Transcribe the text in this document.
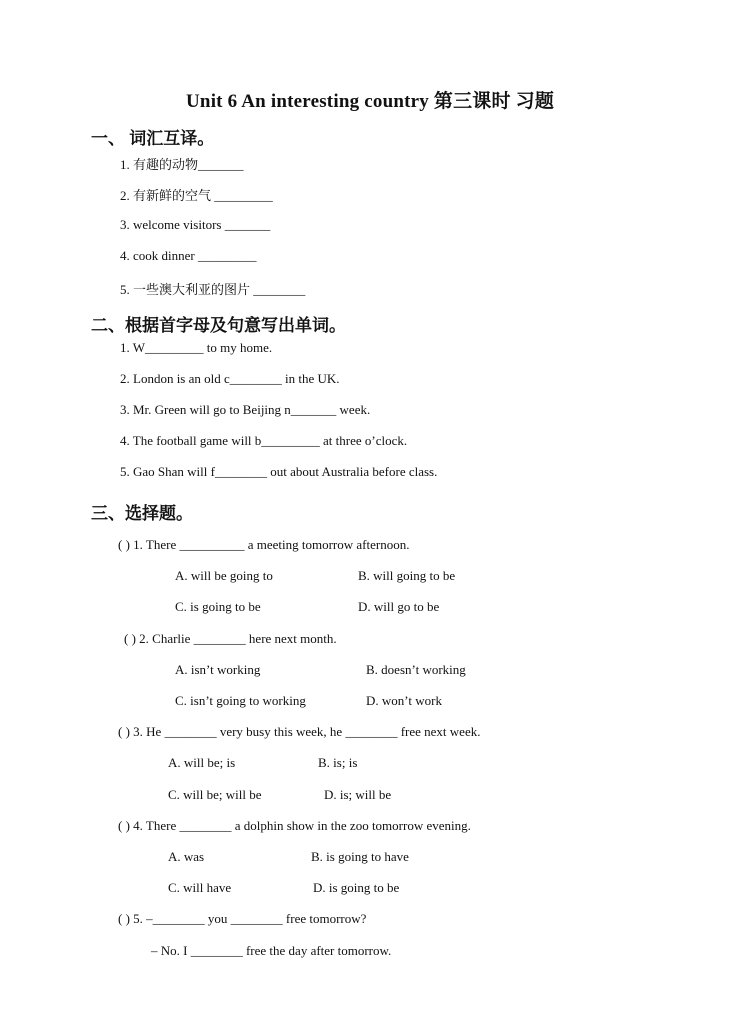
Unit 6 An interesting country 第三课时 习题
一、 词汇互译。
1. 有趣的动物_______
2. 有新鲜的空气 _________
3. welcome visitors _______
4. cook dinner _________
5. 一些澳大利亚的图片 ________
二、根据首字母及句意写出单词。
1. W_________ to my home.
2. London is an old c________ in the UK.
3. Mr. Green will go to Beijing n_______ week.
4. The football game will b_________ at three o’clock.
5. Gao Shan will f________ out about Australia before class.
三、选择题。
( ) 1. There __________ a meeting tomorrow afternoon.
A. will be going to	B. will going to be
C. is going to be	D. will go to be
( ) 2. Charlie ________ here next month.
A. isn’t working	B. doesn’t working
C. isn’t going to working	D. won’t work
( ) 3. He ________ very busy this week, he ________ free next week.
A. will be; is	B. is; is
C. will be; will be	D. is; will be
( ) 4. There ________ a dolphin show in the zoo tomorrow evening.
A. was	B. is going to have
C. will have	D. is going to be
( ) 5. –________ you ________ free tomorrow?
– No. I ________ free the day after tomorrow.
